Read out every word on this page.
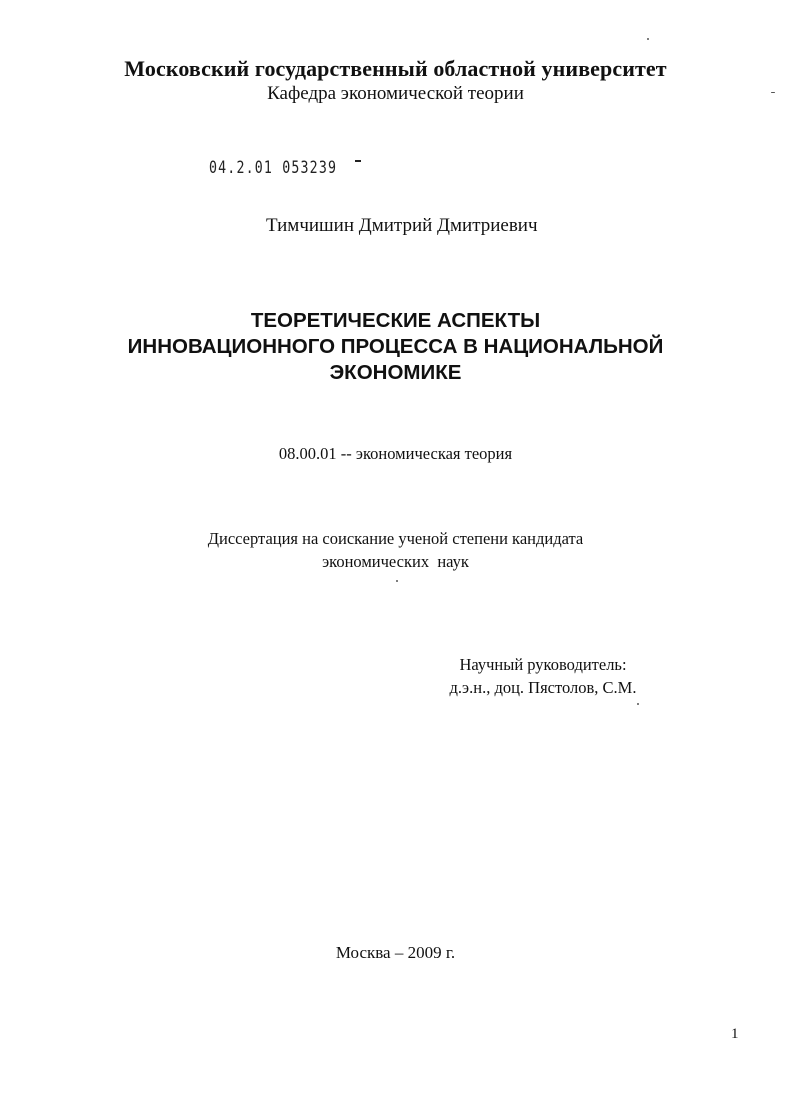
Московский государственный областной университет
Кафедра экономической теории
04.2.01 053239
Тимчишин Дмитрий Дмитриевич
ТЕОРЕТИЧЕСКИЕ АСПЕКТЫ
ИННОВАЦИОННОГО ПРОЦЕССА В НАЦИОНАЛЬНОЙ
ЭКОНОМИКЕ
08.00.01 -- экономическая теория
Диссертация на соискание ученой степени кандидата
экономических  наук
Научный руководитель:
д.э.н., доц. Пястолов, С.М.
Москва – 2009 г.
1
